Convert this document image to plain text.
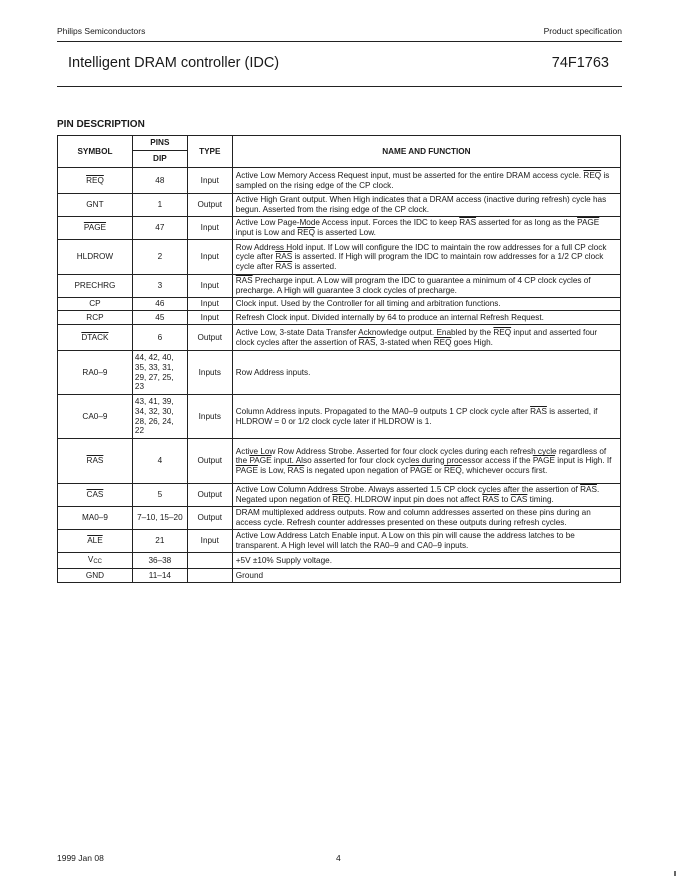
Philips Semiconductors	Product specification
Intelligent DRAM controller (IDC)	74F1763
PIN DESCRIPTION
SYMBOL	PINS	TYPE	NAME AND FUNCTION
	DIP		
$\overline{REQ}$	48	Input	Active Low Memory Access Request input, must be asserted for the entire DRAM access cycle. $\overline{REQ}$ is sampled on the rising edge of the CP clock.
GNT	1	Output	Active High Grant output. When High indicates that a DRAM access (inactive during refresh) cycle has begun. Asserted from the rising edge of the CP clock.
PAGE	47	Input	Active Low Page-Mode Access input. Forces the IDC to keep $\overline{RAS}$ asserted for as long as the PAGE input is Low and $\overline{REQ}$ is asserted Low.
HLDROW	2	Input	Row Address Hold input. If Low will configure the IDC to maintain the row addresses for a full CP clock cycle after $\overline{RAS}$ is asserted. If High will program the IDC to maintain row addresses for a 1/2 CP clock cycle after $\overline{RAS}$ is asserted.
PRECHRG	3	Input	$\overline{RAS}$ Precharge input. A Low will program the IDC to guarantee a minimum of 4 CP clock cycles of precharge. A High will guarantee 3 clock cycles of precharge.
CP	46	Input	Clock input. Used by the Controller for all timing and arbitration functions.
RCP	45	Input	Refresh Clock input. Divided internally by 64 to produce an internal Refresh Request.
DTACK	6	Output	Active Low, 3-state Data Transfer Acknowledge output. Enabled by the $\overline{REQ}$ input and asserted four clock cycles after the assertion of $\overline{RAS}$, 3-stated when $\overline{REQ}$ goes High.
RA0–9	44, 42, 40, 35, 33, 31, 29, 27, 25, 23	Inputs	Row Address inputs.
CA0–9	43, 41, 39, 34, 32, 30, 28, 26, 24, 22	Inputs	Column Address inputs. Propagated to the MA0–9 outputs 1 CP clock cycle after $\overline{RAS}$ is asserted, if HLDROW = 0 or 1/2 clock cycle later if HLDROW is 1.
$\overline{RAS}$	4	Output	Active Low Row Address Strobe. Asserted for four clock cycles during each refresh cycle regardless of the PAGE input. Also asserted for four clock cycles during processor access if the PAGE input is High. If PAGE is Low, $\overline{RAS}$ is negated upon negation of PAGE or $\overline{REQ}$, whichever occurs first.
$\overline{CAS}$	5	Output	Active Low Column Address Strobe. Always asserted 1.5 CP clock cycles after the assertion of $\overline{RAS}$. Negated upon negation of $\overline{REQ}$. HLDROW input pin does not affect $\overline{RAS}$ to $\overline{CAS}$ timing.
MA0–9	7–10, 15–20	Output	DRAM multiplexed address outputs. Row and column addresses asserted on these pins during an access cycle. Refresh counter addresses presented on these outputs during refresh cycles.
$\overline{ALE}$	21	Input	Active Low Address Latch Enable input. A Low on this pin will cause the address latches to be transparent. A High level will latch the RA0–9 and CA0–9 inputs.
$V_{CC}$	36–38		+5V ±10% Supply voltage.
GND	11–14		Ground
1999 Jan 08	4
